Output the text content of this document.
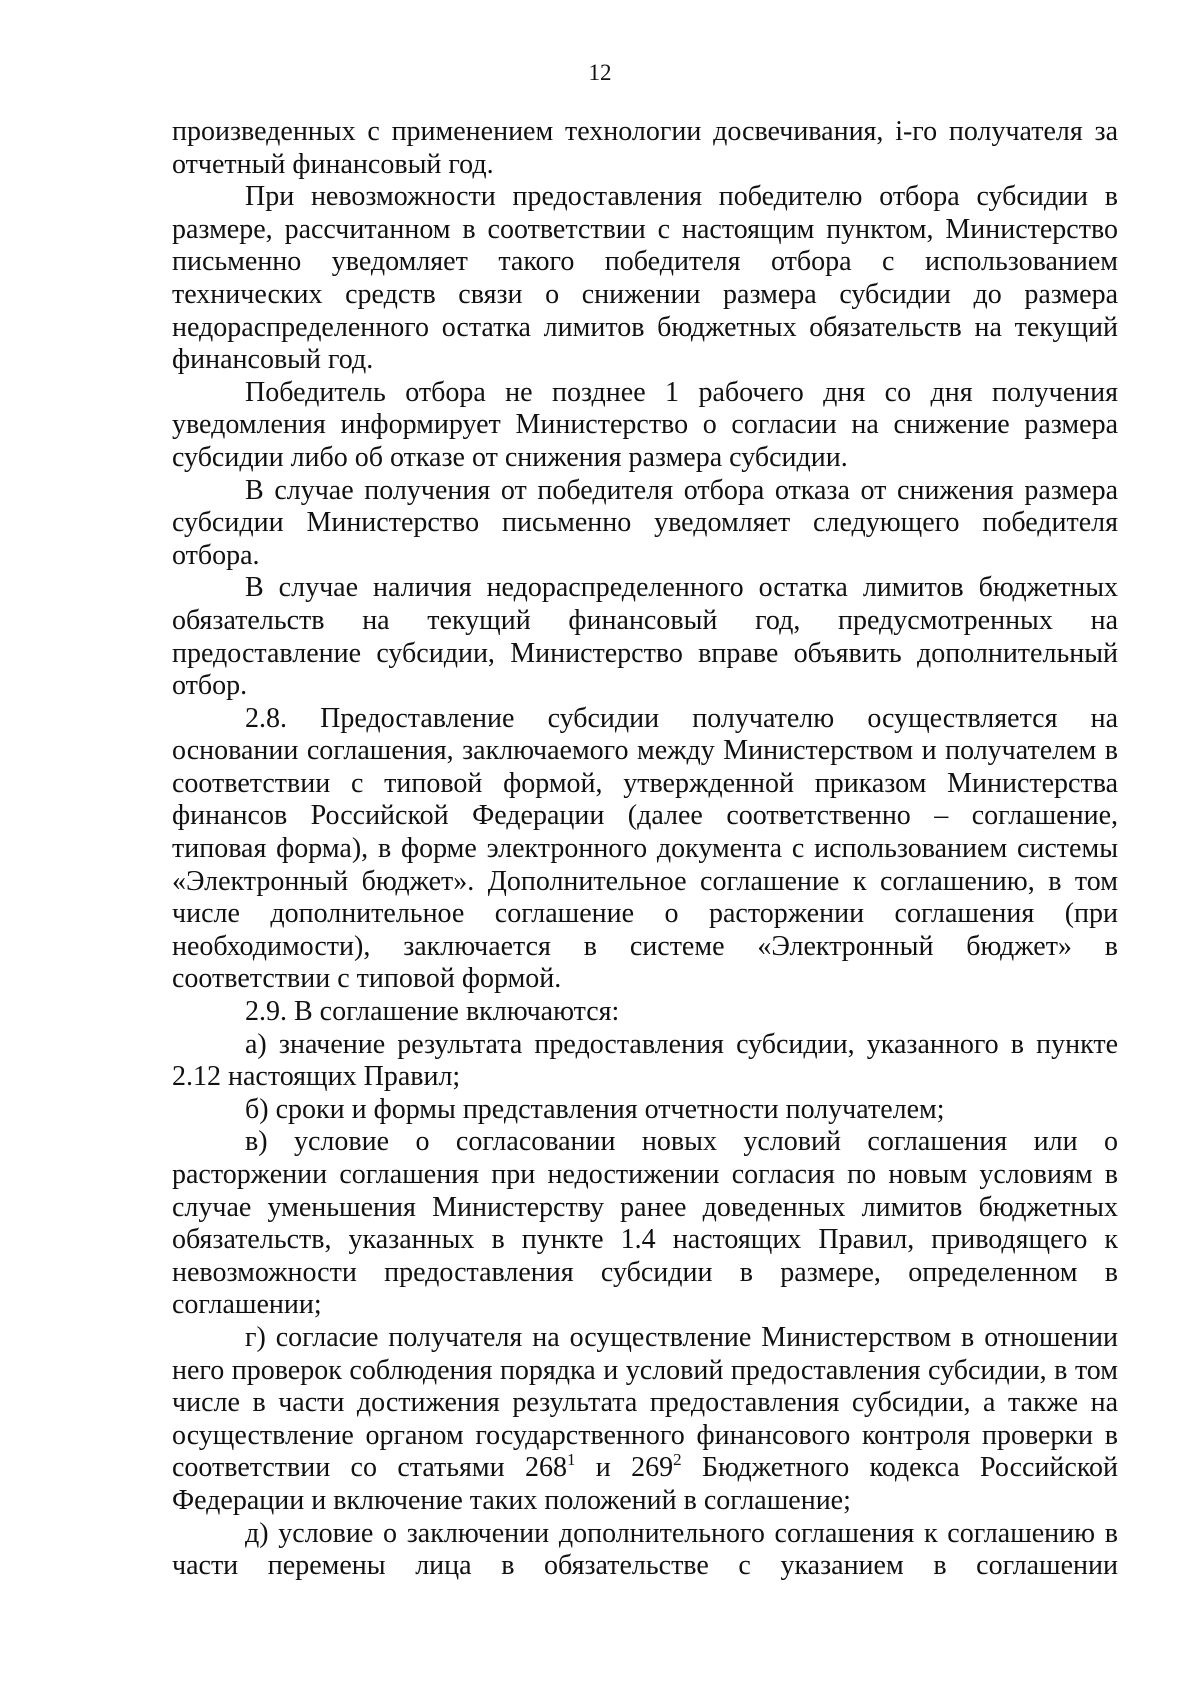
12

произведенных с применением технологии досвечивания, i-го получателя за отчетный финансовый год.

При невозможности предоставления победителю отбора субсидии в размере, рассчитанном в соответствии с настоящим пунктом, Министерство письменно уведомляет такого победителя отбора с использованием технических средств связи о снижении размера субсидии до размера недораспределенного остатка лимитов бюджетных обязательств на текущий финансовый год.

Победитель отбора не позднее 1 рабочего дня со дня получения уведомления информирует Министерство о согласии на снижение размера субсидии либо об отказе от снижения размера субсидии.

В случае получения от победителя отбора отказа от снижения размера субсидии Министерство письменно уведомляет следующего победителя отбора.

В случае наличия недораспределенного остатка лимитов бюджетных обязательств на текущий финансовый год, предусмотренных на предоставление субсидии, Министерство вправе объявить дополнительный отбор.

2.8. Предоставление субсидии получателю осуществляется на основании соглашения, заключаемого между Министерством и получателем в соответствии с типовой формой, утвержденной приказом Министерства финансов Российской Федерации (далее соответственно – соглашение, типовая форма), в форме электронного документа с использованием системы «Электронный бюджет». Дополнительное соглашение к соглашению, в том числе дополнительное соглашение о расторжении соглашения (при необходимости), заключается в системе «Электронный бюджет» в соответствии с типовой формой.

2.9. В соглашение включаются:

а) значение результата предоставления субсидии, указанного в пункте 2.12 настоящих Правил;

б) сроки и формы представления отчетности получателем;

в) условие о согласовании новых условий соглашения или о расторжении соглашения при недостижении согласия по новым условиям в случае уменьшения Министерству ранее доведенных лимитов бюджетных обязательств, указанных в пункте 1.4 настоящих Правил, приводящего к невозможности предоставления субсидии в размере, определенном в соглашении;

г) согласие получателя на осуществление Министерством в отношении него проверок соблюдения порядка и условий предоставления субсидии, в том числе в части достижения результата предоставления субсидии, а также на осуществление органом государственного финансового контроля проверки в соответствии со статьями $268^1$ и $269^2$ Бюджетного кодекса Российской Федерации и включение таких положений в соглашение;

д) условие о заключении дополнительного соглашения к соглашению в части перемены лица в обязательстве с указанием в соглашении
